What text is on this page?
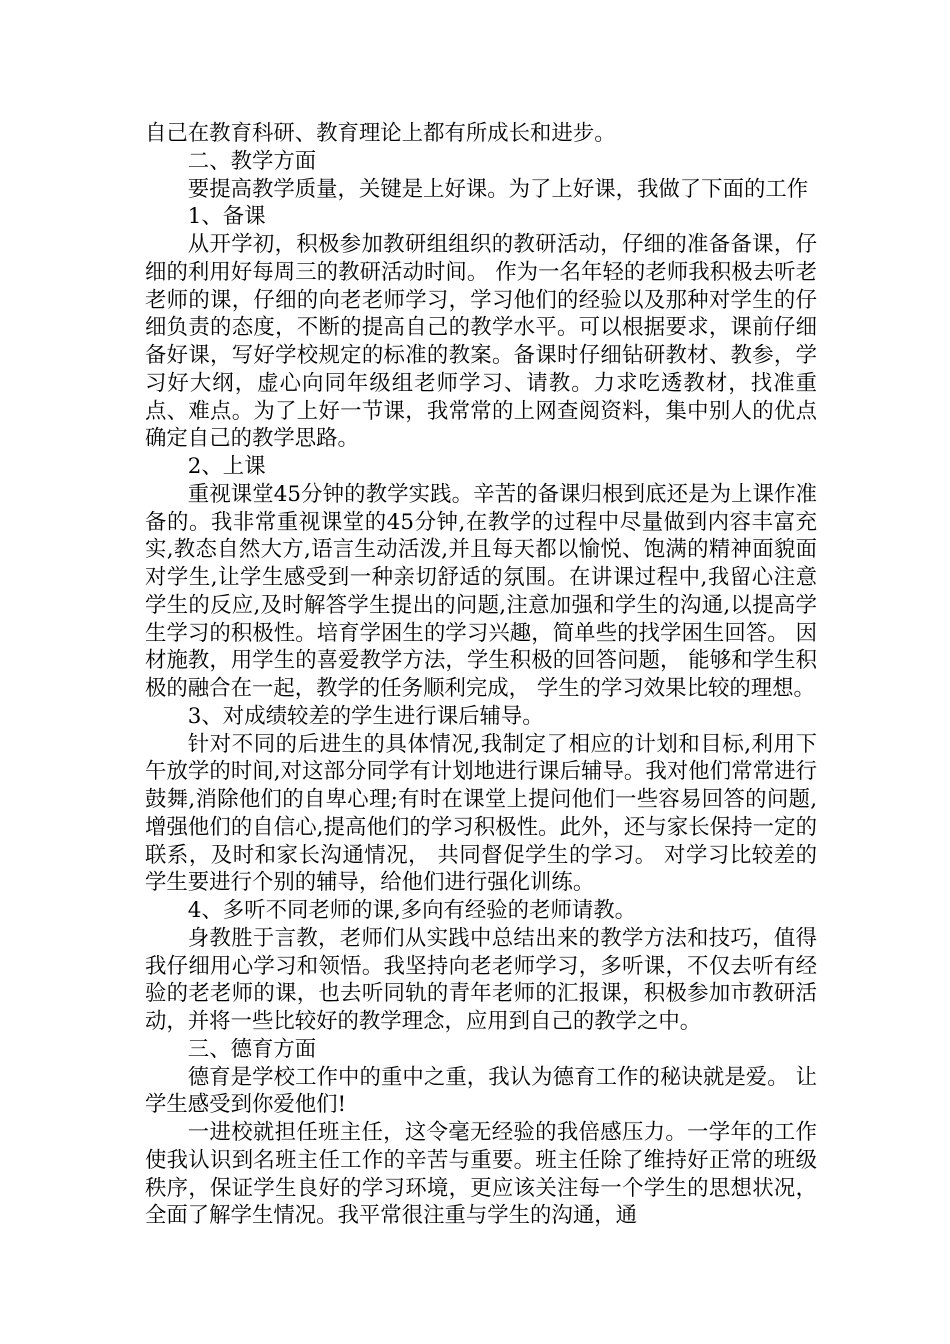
自己在教育科研、教育理论上都有所成长和进步。

二、教学方面

要提高教学质量，关键是上好课。为了上好课，我做了下面的工作

1、备课

从开学初，积极参加教研组组织的教研活动，仔细的准备备课，仔细的利用好每周三的教研活动时间。 作为一名年轻的老师我积极去听老老师的课，仔细的向老老师学习，学习他们的经验以及那种对学生的仔细负责的态度，不断的提高自己的教学水平。可以根据要求，课前仔细备好课，写好学校规定的标准的教案。备课时仔细钻研教材、教参，学习好大纲，虚心向同年级组老师学习、请教。力求吃透教材，找准重点、难点。为了上好一节课，我常常的上网查阅资料，集中别人的优点确定自己的教学思路。

2、上课

重视课堂45分钟的教学实践。辛苦的备课归根到底还是为上课作准备的。我非常重视课堂的45分钟,在教学的过程中尽量做到内容丰富充实,教态自然大方,语言生动活泼,并且每天都以愉悦、饱满的精神面貌面对学生,让学生感受到一种亲切舒适的氛围。在讲课过程中,我留心注意学生的反应,及时解答学生提出的问题,注意加强和学生的沟通,以提高学生学习的积极性。培育学困生的学习兴趣，简单些的找学困生回答。 因材施教，用学生的喜爱教学方法，学生积极的回答问题， 能够和学生积极的融合在一起，教学的任务顺利完成， 学生的学习效果比较的理想。

3、对成绩较差的学生进行课后辅导。

针对不同的后进生的具体情况,我制定了相应的计划和目标,利用下午放学的时间,对这部分同学有计划地进行课后辅导。我对他们常常进行鼓舞,消除他们的自卑心理;有时在课堂上提问他们一些容易回答的问题,增强他们的自信心,提高他们的学习积极性。此外，还与家长保持一定的联系，及时和家长沟通情况， 共同督促学生的学习。 对学习比较差的学生要进行个别的辅导，给他们进行强化训练。

4、多听不同老师的课,多向有经验的老师请教。

身教胜于言教，老师们从实践中总结出来的教学方法和技巧，值得我仔细用心学习和领悟。我坚持向老老师学习，多听课，不仅去听有经验的老老师的课，也去听同轨的青年老师的汇报课，积极参加市教研活动，并将一些比较好的教学理念，应用到自己的教学之中。

三、德育方面

德育是学校工作中的重中之重，我认为德育工作的秘诀就是爱。 让学生感受到你爱他们!

一进校就担任班主任，这令毫无经验的我倍感压力。一学年的工作使我认识到名班主任工作的辛苦与重要。班主任除了维持好正常的班级秩序，保证学生良好的学习环境，更应该关注每一个学生的思想状况，全面了解学生情况。我平常很注重与学生的沟通，通
